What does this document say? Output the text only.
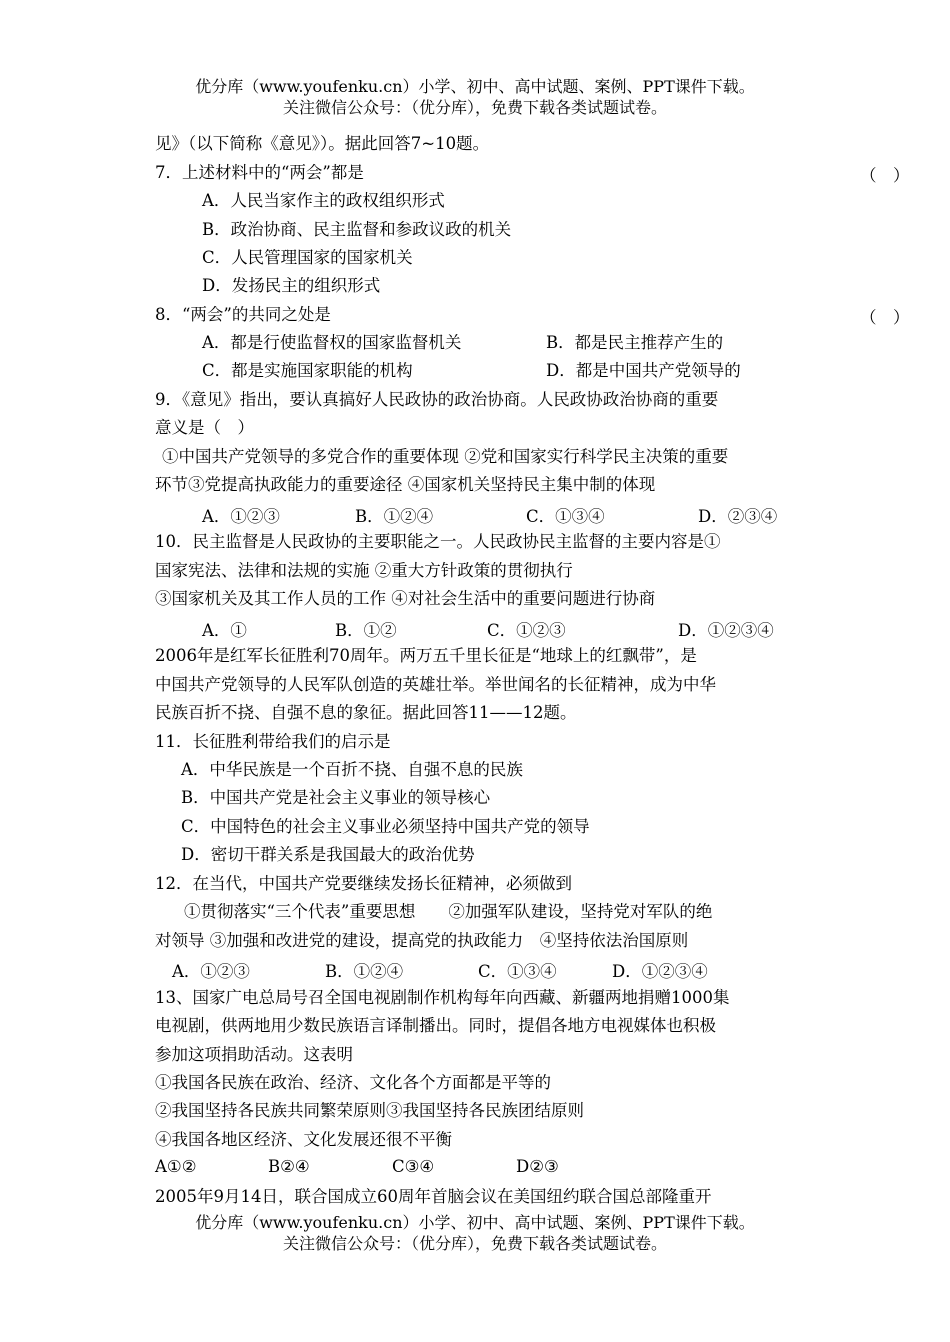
优分库（www.youfenku.cn）小学、初中、高中试题、案例、PPT课件下载。
关注微信公众号：（优分库），免费下载各类试题试卷。
见》（以下简称《意见》）。据此回答7~10题。
7．上述材料中的“两会”都是	（　）
A．人民当家作主的政权组织形式
B．政治协商、民主监督和参政议政的机关
C．人民管理国家的国家机关
D．发扬民主的组织形式
8．“两会”的共同之处是	（　）
A．都是行使监督权的国家监督机关	B．都是民主推荐产生的
C．都是实施国家职能的机构	D．都是中国共产党领导的
9．《意见》指出，要认真搞好人民政协的政治协商。人民政协政治协商的重要
意义是（　）
①中国共产党领导的多党合作的重要体现 ②党和国家实行科学民主决策的重要
环节③党提高执政能力的重要途径 ④国家机关坚持民主集中制的体现
A．①②③	B．①②④	C．①③④	D．②③④
10．民主监督是人民政协的主要职能之一。人民政协民主监督的主要内容是①
国家宪法、法律和法规的实施 ②重大方针政策的贯彻执行
③国家机关及其工作人员的工作 ④对社会生活中的重要问题进行协商
A．①	B．①②	C．①②③	D．①②③④
2006年是红军长征胜利70周年。两万五千里长征是“地球上的红飘带”，是
中国共产党领导的人民军队创造的英雄壮举。举世闻名的长征精神，成为中华
民族百折不挠、自强不息的象征。据此回答11——12题。
11．长征胜利带给我们的启示是
A．中华民族是一个百折不挠、自强不息的民族
B．中国共产党是社会主义事业的领导核心
C．中国特色的社会主义事业必须坚持中国共产党的领导
D．密切干群关系是我国最大的政治优势
12．在当代，中国共产党要继续发扬长征精神，必须做到
①贯彻落实“三个代表”重要思想　　②加强军队建设，坚持党对军队的绝
对领导 ③加强和改进党的建设，提高党的执政能力　④坚持依法治国原则
A．①②③	B．①②④	C．①③④	D．①②③④
13、国家广电总局号召全国电视剧制作机构每年向西藏、新疆两地捐赠1000集
电视剧，供两地用少数民族语言译制播出。同时，提倡各地方电视媒体也积极
参加这项捐助活动。这表明
①我国各民族在政治、经济、文化各个方面都是平等的
②我国坚持各民族共同繁荣原则③我国坚持各民族团结原则
④我国各地区经济、文化发展还很不平衡
A①②	B②④	C③④	D②③
2005年9月14日，联合国成立60周年首脑会议在美国纽约联合国总部隆重开
优分库（www.youfenku.cn）小学、初中、高中试题、案例、PPT课件下载。
关注微信公众号：（优分库），免费下载各类试题试卷。
